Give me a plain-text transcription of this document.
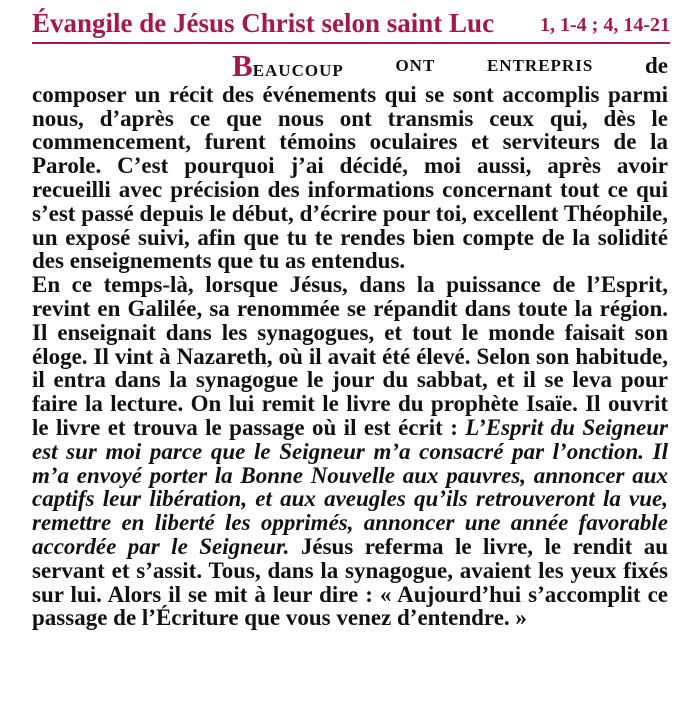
Évangile de Jésus Christ selon saint Luc 1, 1-4 ; 4, 14-21

BEAUCOUP	ONT	ENTREPRIS de
composer un récit des événements qui se sont accomplis parmi nous, d’après ce que nous ont transmis ceux qui, dès le commencement, furent témoins oculaires et serviteurs de la Parole. C’est pourquoi j’ai décidé, moi aussi, après avoir recueilli avec précision des informations concernant tout ce qui s’est passé depuis le début, d’écrire pour toi, excellent Théophile, un exposé suivi, afin que tu te rendes bien compte de la solidité des enseignements que tu as entendus.

En ce temps-là, lorsque Jésus, dans la puissance de l’Esprit, revint en Galilée, sa renommée se répandit dans toute la région. Il enseignait dans les synagogues, et tout le monde faisait son éloge. Il vint à Nazareth, où il avait été élevé. Selon son habitude, il entra dans la synagogue le jour du sabbat, et il se leva pour faire la lecture. On lui remit le livre du prophète Isaïe. Il ouvrit le livre et trouva le passage où il est écrit : L’Esprit du Seigneur est sur moi parce que le Seigneur m’a consacré par l’onction. Il m’a envoyé porter la Bonne Nouvelle aux pauvres, annoncer aux captifs leur libération, et aux aveugles qu’ils retrouveront la vue, remettre en liberté les opprimés, annoncer une année favorable accordée par le Seigneur. Jésus referma le livre, le rendit au servant et s’assit. Tous, dans la synagogue, avaient les yeux fixés sur lui. Alors il se mit à leur dire : « Aujourd’hui s’accomplit ce passage de l’Écriture que vous venez d’entendre. »
